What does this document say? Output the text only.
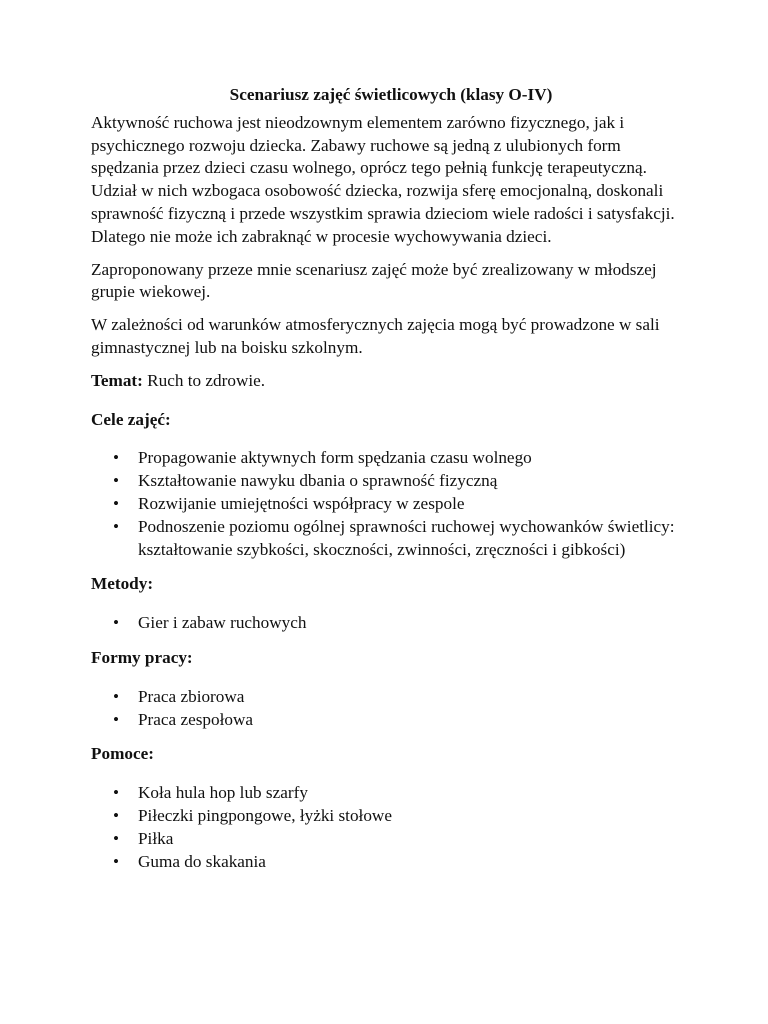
Scenariusz zajęć świetlicowych (klasy O-IV)

Aktywność ruchowa jest nieodzownym elementem zarówno fizycznego, jak i psychicznego rozwoju dziecka. Zabawy ruchowe są jedną z ulubionych form spędzania przez dzieci czasu wolnego, oprócz tego pełnią funkcję terapeutyczną. Udział w nich wzbogaca osobowość dziecka, rozwija sferę emocjonalną, doskonali sprawność fizyczną i przede wszystkim sprawia dzieciom wiele radości i satysfakcji. Dlatego nie może ich zabraknąć w procesie wychowywania dzieci.

Zaproponowany przeze mnie scenariusz zajęć może być zrealizowany w młodszej grupie wiekowej.

W zależności od warunków atmosferycznych zajęcia mogą być prowadzone w sali gimnastycznej lub na boisku szkolnym.

Temat: Ruch to zdrowie.

Cele zajęć:
• Propagowanie aktywnych form spędzania czasu wolnego
• Kształtowanie nawyku dbania o sprawność fizyczną
• Rozwijanie umiejętności współpracy w zespole
• Podnoszenie poziomu ogólnej sprawności ruchowej wychowanków świetlicy: kształtowanie szybkości, skoczności, zwinności, zręczności i gibkości)
Metody:
• Gier i zabaw ruchowych
Formy pracy:
• Praca zbiorowa
• Praca zespołowa
Pomoce:
• Koła hula hop lub szarfy
• Piłeczki pingpongowe, łyżki stołowe
• Piłka
• Guma do skakania
